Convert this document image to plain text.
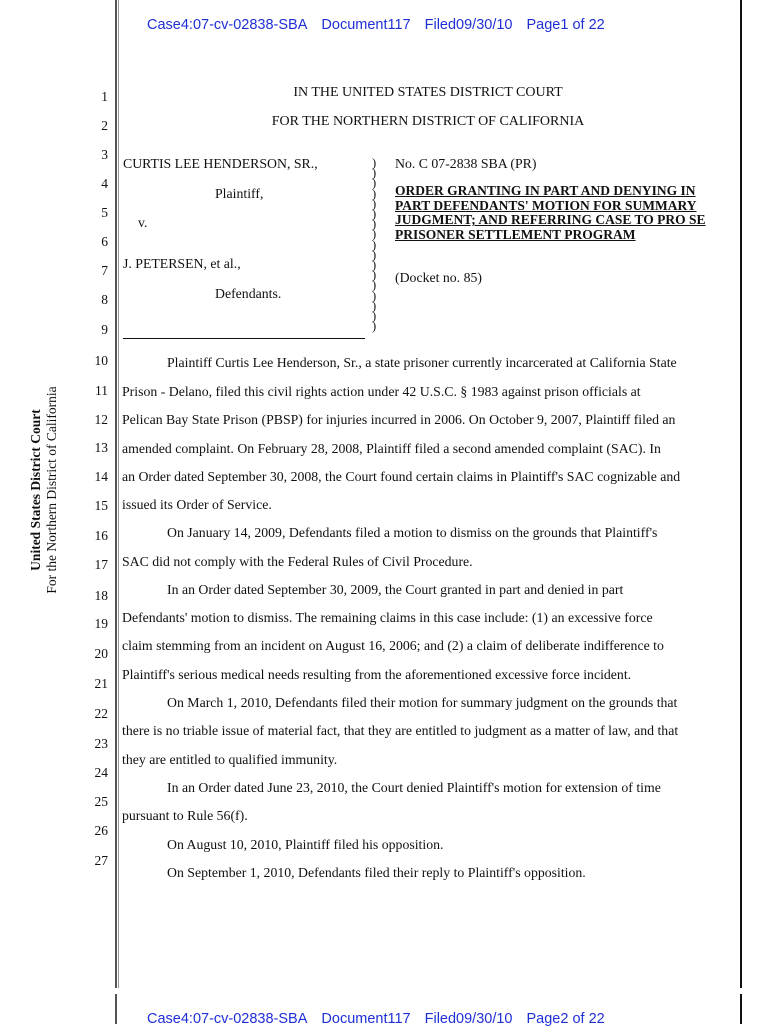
Case4:07-cv-02838-SBA Document117 Filed09/30/10 Page1 of 22
United States District Court For the Northern District of California
1
2
3
4
5
6
7
8
9
10
11
12
13
14
15
16
17
18
19
20
21
22
23
24
25
26
27
IN THE UNITED STATES DISTRICT COURT
FOR THE NORTHERN DISTRICT OF CALIFORNIA
CURTIS LEE HENDERSON, SR.,
Plaintiff,
v.
J. PETERSEN, et al.,
Defendants.
)
)
)
)
)
)
)
)
)
)
)
)
)
)
)
)
)
No. C 07-2838 SBA (PR)
ORDER GRANTING IN PART AND DENYING IN PART DEFENDANTS' MOTION FOR SUMMARY JUDGMENT; AND REFERRING CASE TO PRO SE PRISONER SETTLEMENT PROGRAM
(Docket no. 85)
Plaintiff Curtis Lee Henderson, Sr., a state prisoner currently incarcerated at California State
Prison - Delano, filed this civil rights action under 42 U.S.C. § 1983 against prison officials at
Pelican Bay State Prison (PBSP) for injuries incurred in 2006. On October 9, 2007, Plaintiff filed an
amended complaint. On February 28, 2008, Plaintiff filed a second amended complaint (SAC). In
an Order dated September 30, 2008, the Court found certain claims in Plaintiff's SAC cognizable and
issued its Order of Service.
On January 14, 2009, Defendants filed a motion to dismiss on the grounds that Plaintiff's
SAC did not comply with the Federal Rules of Civil Procedure.
In an Order dated September 30, 2009, the Court granted in part and denied in part
Defendants' motion to dismiss. The remaining claims in this case include: (1) an excessive force
claim stemming from an incident on August 16, 2006; and (2) a claim of deliberate indifference to
Plaintiff's serious medical needs resulting from the aforementioned excessive force incident.
On March 1, 2010, Defendants filed their motion for summary judgment on the grounds that
there is no triable issue of material fact, that they are entitled to judgment as a matter of law, and that
they are entitled to qualified immunity.
In an Order dated June 23, 2010, the Court denied Plaintiff's motion for extension of time
pursuant to Rule 56(f).
On August 10, 2010, Plaintiff filed his opposition.
On September 1, 2010, Defendants filed their reply to Plaintiff's opposition.
Case4:07-cv-02838-SBA Document117 Filed09/30/10 Page2 of 22
